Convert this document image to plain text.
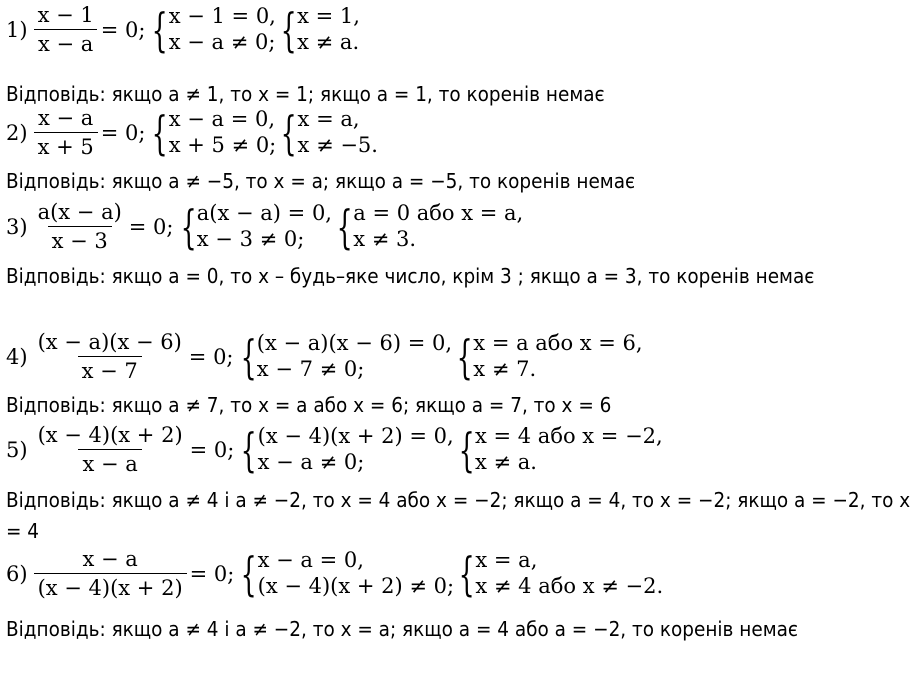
$1) \frac{x - 1}{x - a} = 0$; { x − 1 = 0,
x − a ≠ 0; { x = 1,
x ≠ a.
Відповідь: якщо a ≠ 1, то x = 1; якщо a = 1, то коренів немає
$2) \frac{x - a}{x + 5} = 0$; { x − a = 0,
x + 5 ≠ 0; { x = a,
x ≠ −5.
Відповідь: якщо a ≠ −5, то x = a; якщо a = −5, то коренів немає
$3) \frac{a(x - a)}{x - 3} = 0$; { a(x − a) = 0,
x − 3 ≠ 0; { a = 0 або x = a,
x ≠ 3.
Відповідь: якщо a = 0, то x – будь–яке число, крім 3 ; якщо a = 3, то коренів немає
$4) \frac{(x - a)(x - 6)}{x - 7} = 0$; { (x − a)(x − 6) = 0,
x − 7 ≠ 0;	{ x = a або x = 6,
x ≠ 7.
Відповідь: якщо a ≠ 7, то x = a або x = 6; якщо a = 7, то x = 6
$5) \frac{(x - 4)(x + 2)}{x - a} = 0$; { (x − 4)(x + 2) = 0,
x − a ≠ 0;	{ x = 4 або x = −2,
x ≠ a.
Відповідь: якщо a ≠ 4 і a ≠ −2, то x = 4 або x = −2; якщо a = 4, то x = −2; якщо a = −2, то x = 4
$6) \frac{x - a}{(x - 4)(x + 2)} = 0$; { x − a = 0,
(x − 4)(x + 2) ≠ 0; { x = a,
x ≠ 4 або x ≠ −2.
Відповідь: якщо a ≠ 4 і a ≠ −2, то x = a; якщо a = 4 або a = −2, то коренів немає
